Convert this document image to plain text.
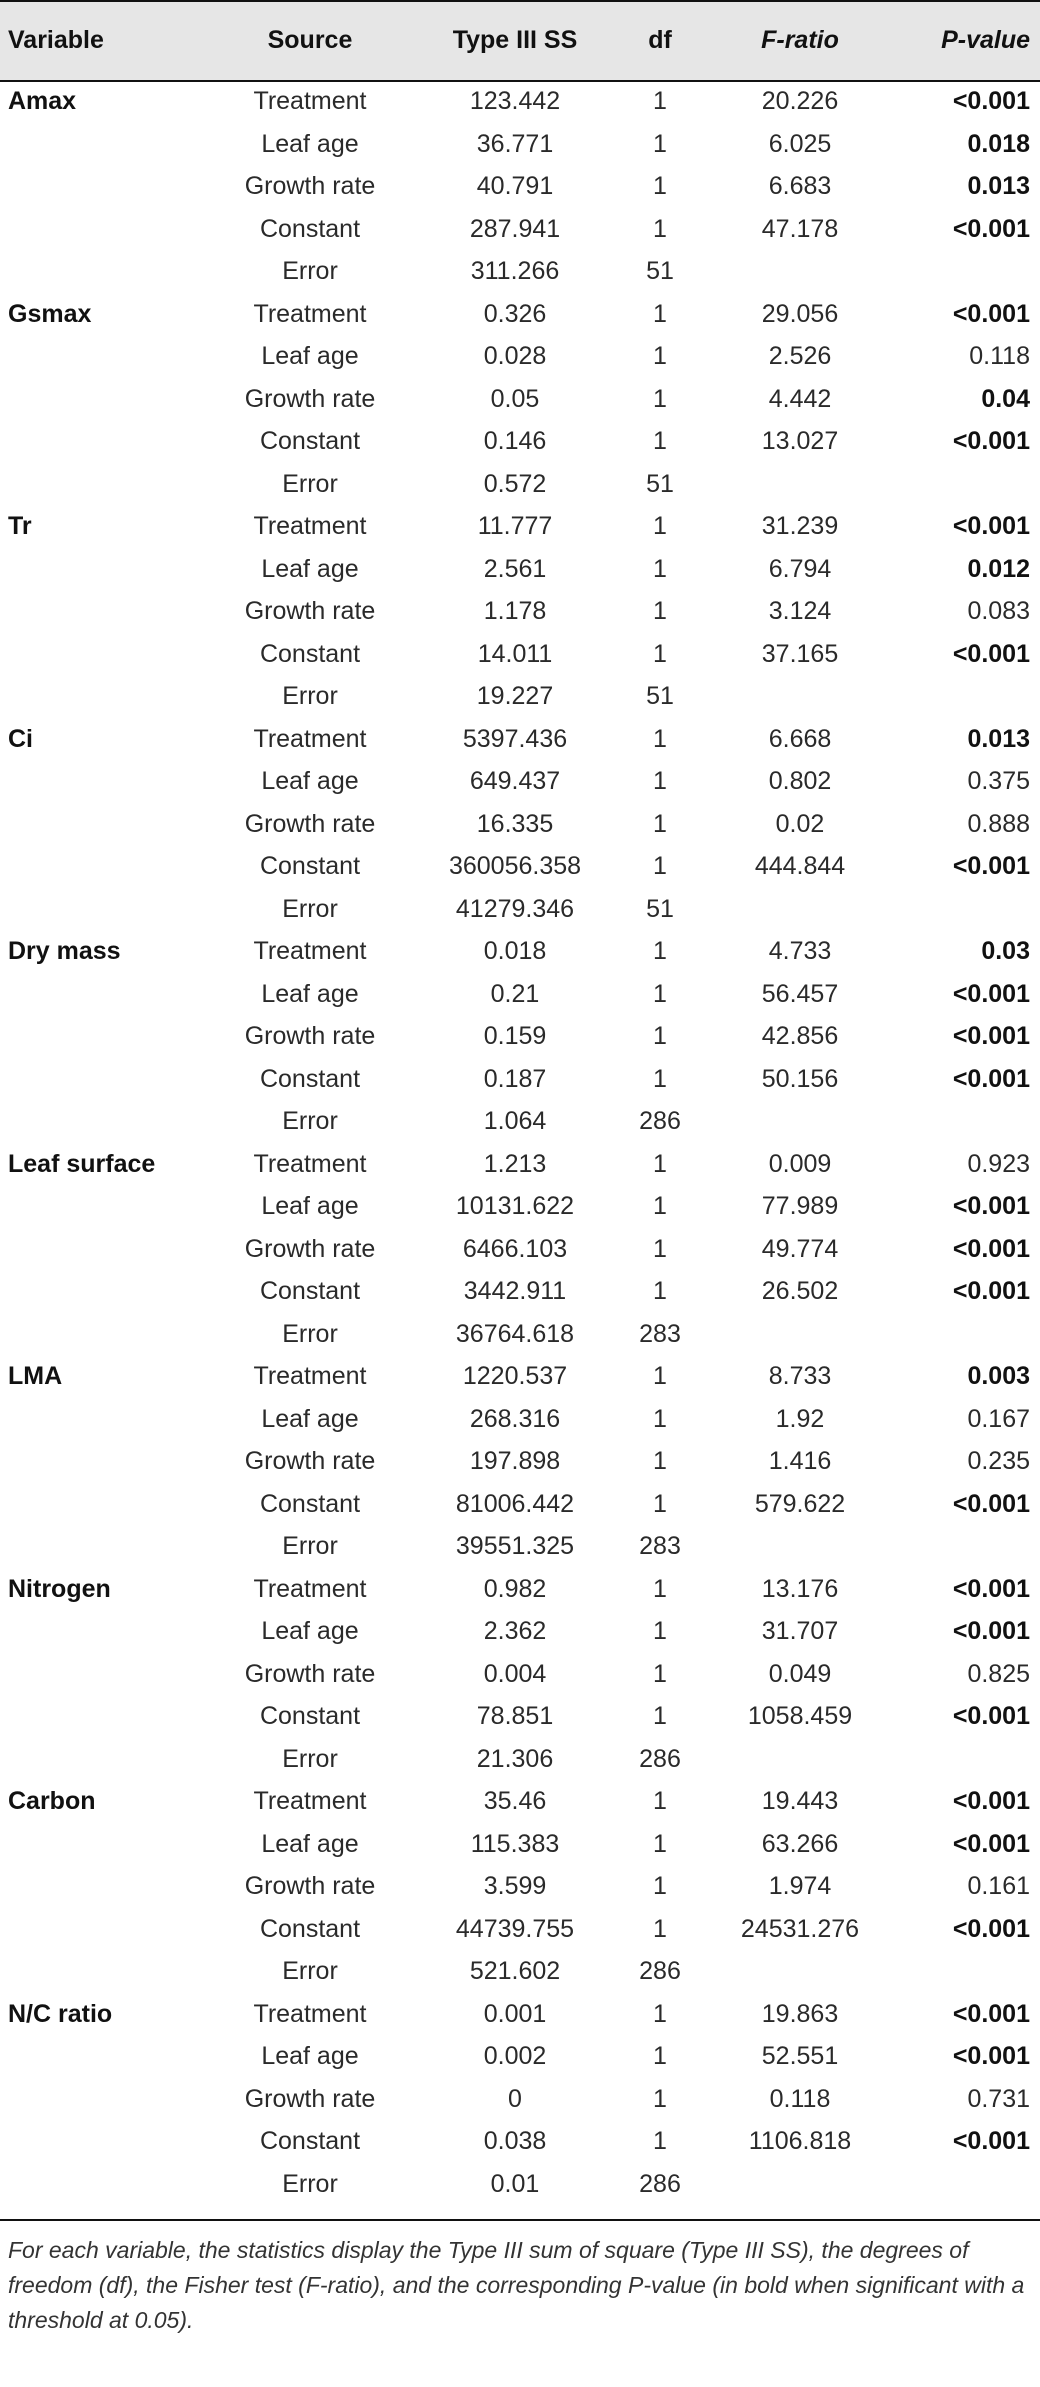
Variable	Source	Type III SS	df	F-ratio	P-value
Amax	Treatment	123.442	1	20.226	<0.001
	Leaf age	36.771	1	6.025	0.018
	Growth rate	40.791	1	6.683	0.013
	Constant	287.941	1	47.178	<0.001
	Error	311.266	51		
Gsmax	Treatment	0.326	1	29.056	<0.001
	Leaf age	0.028	1	2.526	0.118
	Growth rate	0.05	1	4.442	0.04
	Constant	0.146	1	13.027	<0.001
	Error	0.572	51		
Tr	Treatment	11.777	1	31.239	<0.001
	Leaf age	2.561	1	6.794	0.012
	Growth rate	1.178	1	3.124	0.083
	Constant	14.011	1	37.165	<0.001
	Error	19.227	51		
Ci	Treatment	5397.436	1	6.668	0.013
	Leaf age	649.437	1	0.802	0.375
	Growth rate	16.335	1	0.02	0.888
	Constant	360056.358	1	444.844	<0.001
	Error	41279.346	51		
Dry mass	Treatment	0.018	1	4.733	0.03
	Leaf age	0.21	1	56.457	<0.001
	Growth rate	0.159	1	42.856	<0.001
	Constant	0.187	1	50.156	<0.001
	Error	1.064	286		
Leaf surface	Treatment	1.213	1	0.009	0.923
	Leaf age	10131.622	1	77.989	<0.001
	Growth rate	6466.103	1	49.774	<0.001
	Constant	3442.911	1	26.502	<0.001
	Error	36764.618	283		
LMA	Treatment	1220.537	1	8.733	0.003
	Leaf age	268.316	1	1.92	0.167
	Growth rate	197.898	1	1.416	0.235
	Constant	81006.442	1	579.622	<0.001
	Error	39551.325	283		
Nitrogen	Treatment	0.982	1	13.176	<0.001
	Leaf age	2.362	1	31.707	<0.001
	Growth rate	0.004	1	0.049	0.825
	Constant	78.851	1	1058.459	<0.001
	Error	21.306	286		
Carbon	Treatment	35.46	1	19.443	<0.001
	Leaf age	115.383	1	63.266	<0.001
	Growth rate	3.599	1	1.974	0.161
	Constant	44739.755	1	24531.276	<0.001
	Error	521.602	286		
N/C ratio	Treatment	0.001	1	19.863	<0.001
	Leaf age	0.002	1	52.551	<0.001
	Growth rate	0	1	0.118	0.731
	Constant	0.038	1	1106.818	<0.001
	Error	0.01	286		
For each variable, the statistics display the Type III sum of square (Type III SS), the degrees of freedom (df), the Fisher test (F-ratio), and the corresponding P-value (in bold when significant with a threshold at 0.05).
